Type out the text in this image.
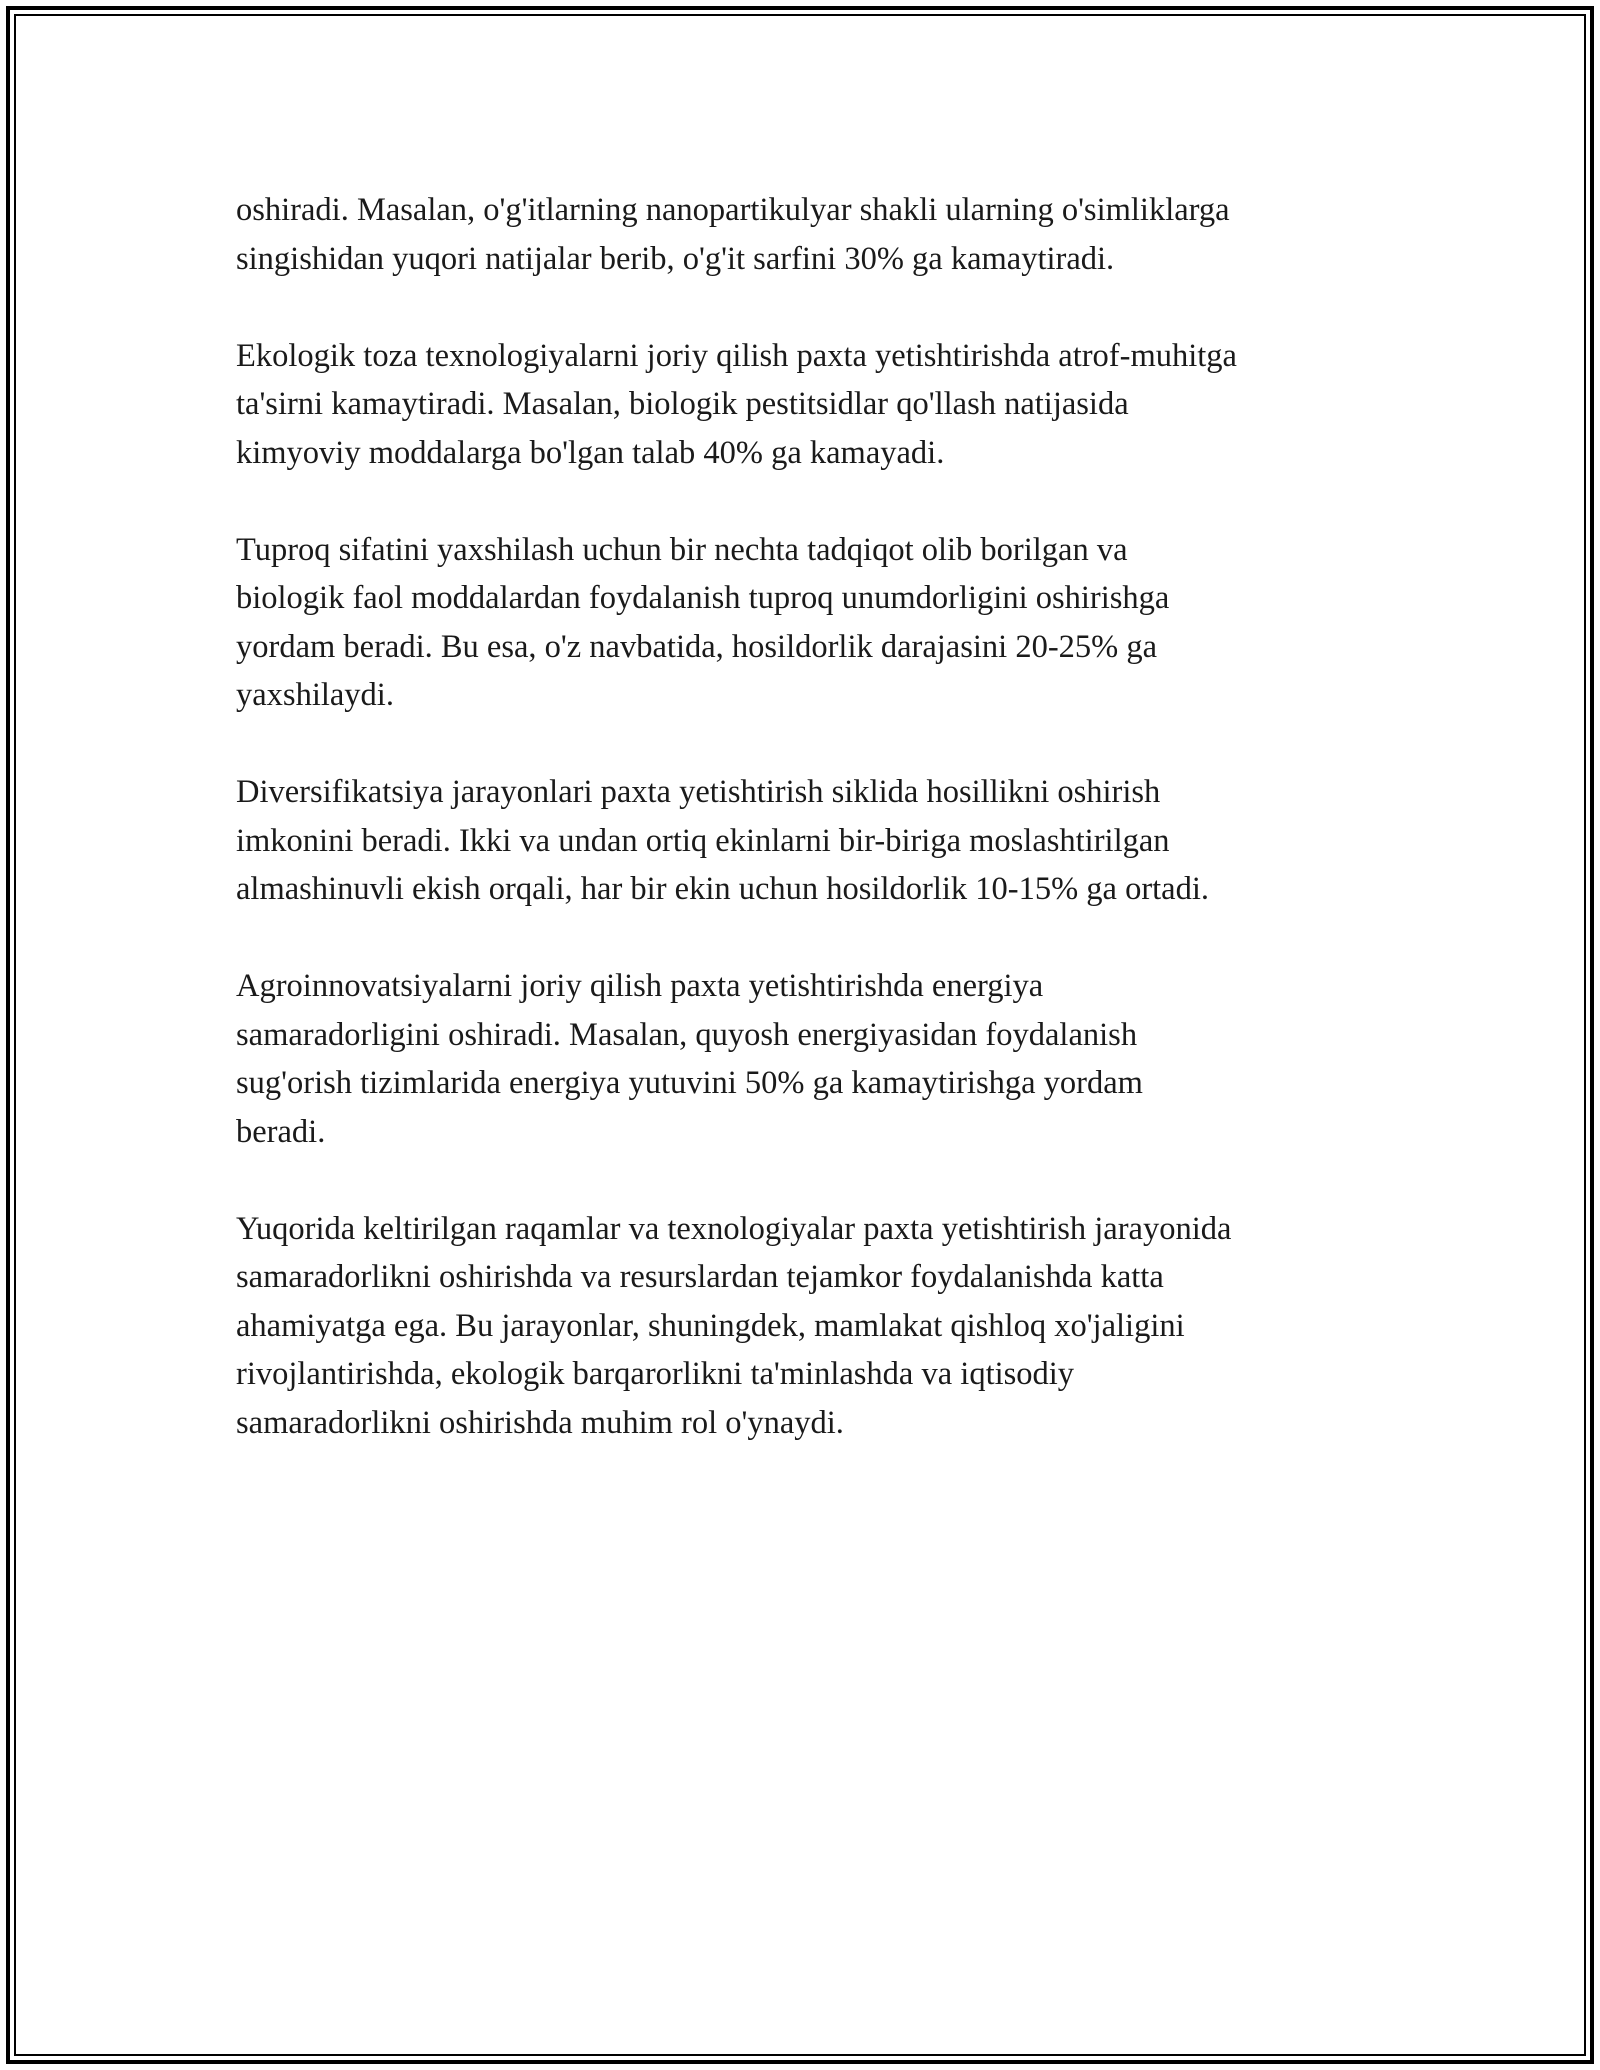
oshiradi. Masalan, o'g'itlarning nanopartikulyar shakli ularning o'simliklarga
singishidan yuqori natijalar berib, o'g'it sarfini 30% ga kamaytiradi.

Ekologik toza texnologiyalarni joriy qilish paxta yetishtirishda atrof-muhitga
ta'sirni kamaytiradi. Masalan, biologik pestitsidlar qo'llash natijasida
kimyoviy moddalarga bo'lgan talab 40% ga kamayadi.

Tuproq sifatini yaxshilash uchun bir nechta tadqiqot olib borilgan va
biologik faol moddalardan foydalanish tuproq unumdorligini oshirishga
yordam beradi. Bu esa, o'z navbatida, hosildorlik darajasini 20-25% ga
yaxshilaydi.

Diversifikatsiya jarayonlari paxta yetishtirish siklida hosillikni oshirish
imkonini beradi. Ikki va undan ortiq ekinlarni bir-biriga moslashtirilgan
almashinuvli ekish orqali, har bir ekin uchun hosildorlik 10-15% ga ortadi.

Agroinnovatsiyalarni joriy qilish paxta yetishtirishda energiya
samaradorligini oshiradi. Masalan, quyosh energiyasidan foydalanish
sug'orish tizimlarida energiya yutuvini 50% ga kamaytirishga yordam
beradi.

Yuqorida keltirilgan raqamlar va texnologiyalar paxta yetishtirish jarayonida
samaradorlikni oshirishda va resurslardan tejamkor foydalanishda katta
ahamiyatga ega. Bu jarayonlar, shuningdek, mamlakat qishloq xo'jaligini
rivojlantirishda, ekologik barqarorlikni ta'minlashda va iqtisodiy
samaradorlikni oshirishda muhim rol o'ynaydi.
